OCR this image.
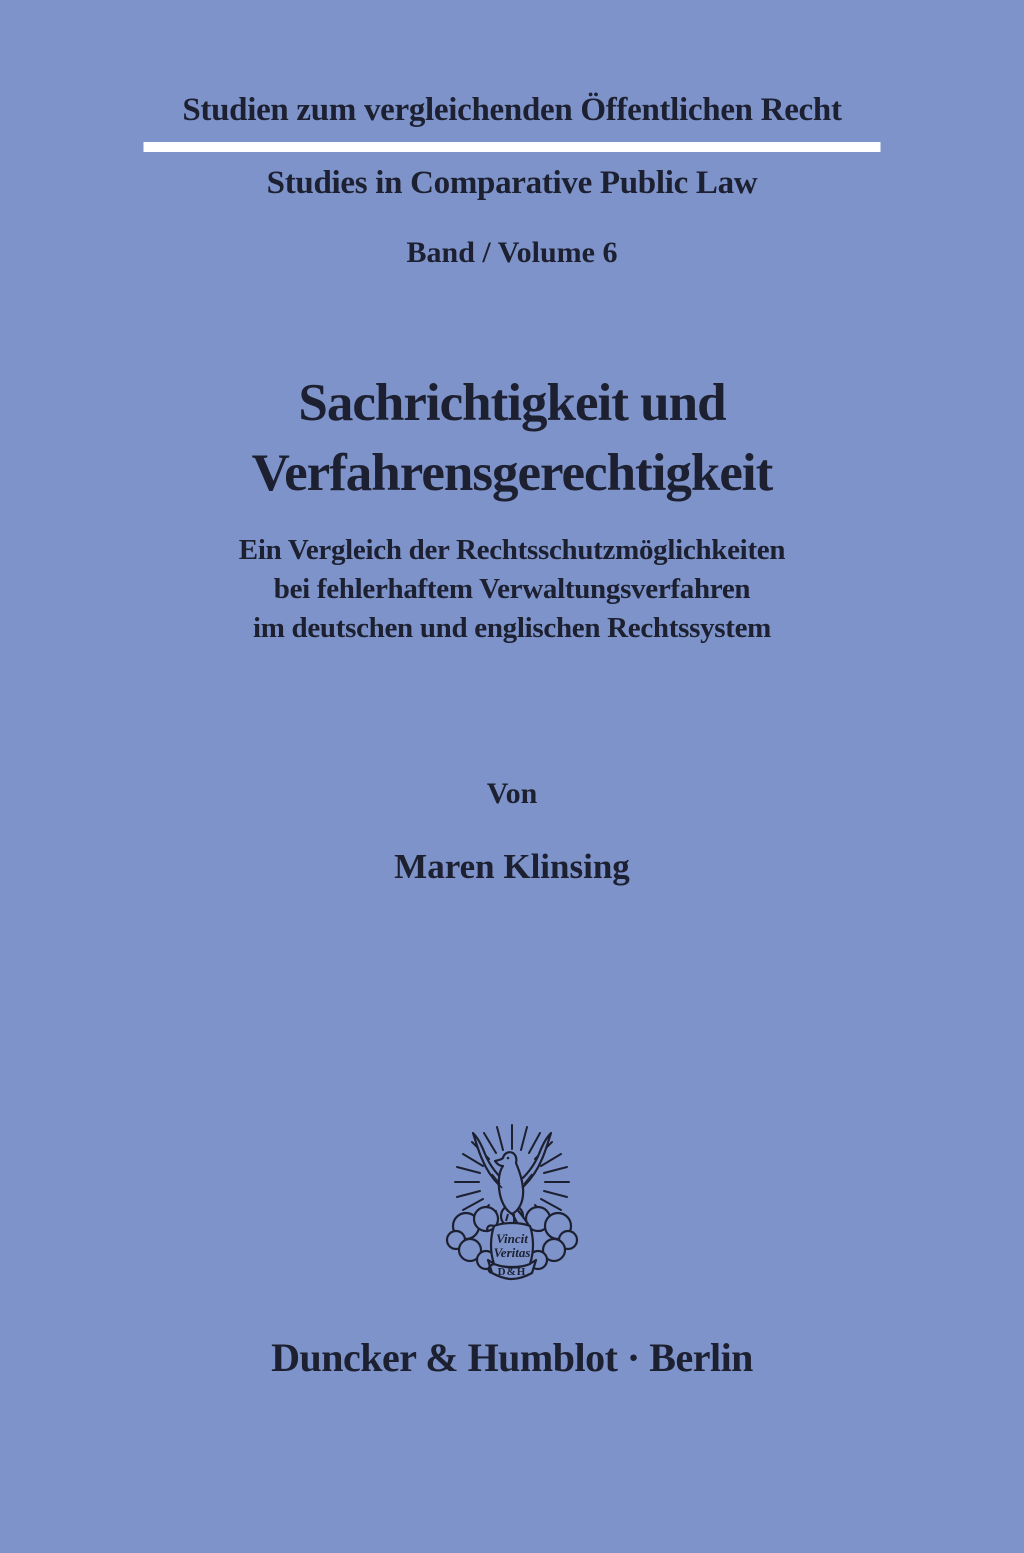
Studien zum vergleichenden Öffentlichen Recht
Studies in Comparative Public Law
Band / Volume 6
Sachrichtigkeit und
Verfahrensgerechtigkeit
Ein Vergleich der Rechtsschutzmöglichkeiten
bei fehlerhaftem Verwaltungsverfahren
im deutschen und englischen Rechtssystem
Von
Maren Klinsing
Vincit
Veritas
D&H
Duncker & Humblot · Berlin
